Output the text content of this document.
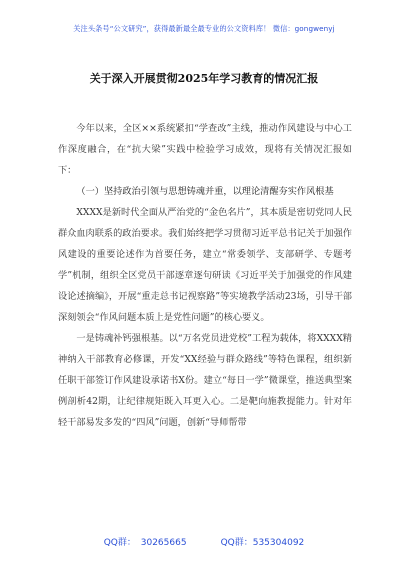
关注头条号“公文研究”，获得最新最全最专业的公文资料库！ 微信：gongwenyj
关于深入开展贯彻2025年学习教育的情况汇报

今年以来，全区××系统紧扣“学查改”主线，推动作风建设与中心工作深度融合，在“抗大梁”实践中检验学习成效，现将有关情况汇报如下：

（一）坚持政治引领与思想铸魂并重，以理论清醒夯实作风根基

XXXX是新时代全面从严治党的“金色名片”，其本质是密切党同人民群众血肉联系的政治要求。我们始终把学习贯彻习近平总书记关于加强作风建设的重要论述作为首要任务，建立“常委领学、支部研学、专题考学”机制，组织全区党员干部逐章逐句研读《习近平关于加强党的作风建设论述摘编》，开展“重走总书记视察路”等实境教学活动23场，引导干部深刻领会“作风问题本质上是党性问题”的核心要义。

一是铸魂补钙强根基。以“万名党员进党校”工程为载体，将XXXX精神纳入干部教育必修课，开发“XX经验与群众路线”等特色课程，组织新任职干部签订作风建设承诺书X份。建立“每日一学”微课堂，推送典型案例剖析42期，让纪律规矩既入耳更入心。二是靶向施教提能力。针对年轻干部易发多发的“四风”问题，创新“导师帮带

QQ群： 30265665	QQ群：535304092
